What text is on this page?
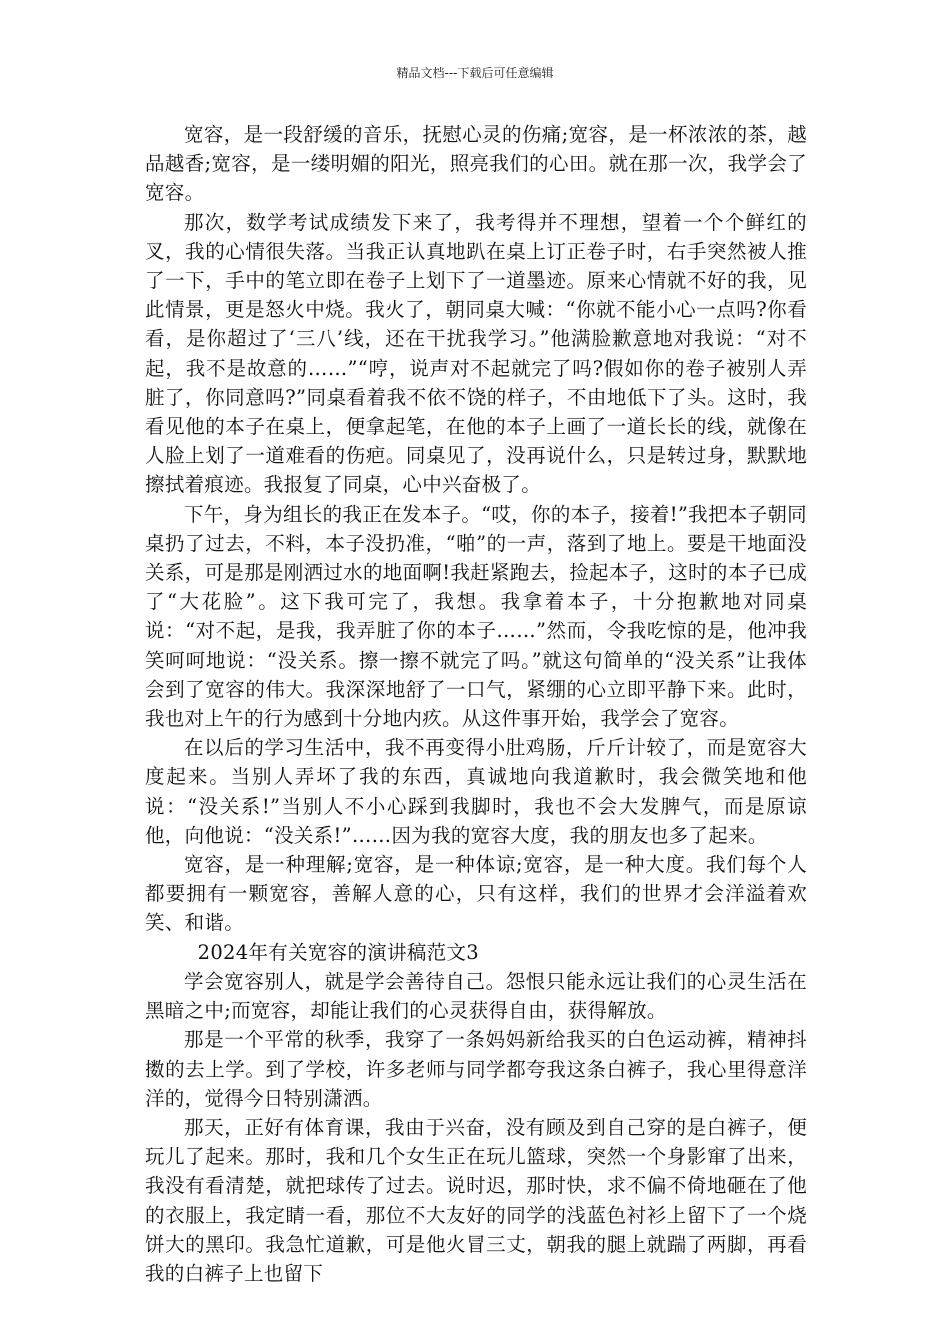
精品文档---下载后可任意编辑

宽容，是一段舒缓的音乐，抚慰心灵的伤痛;宽容，是一杯浓浓的茶，越品越香;宽容，是一缕明媚的阳光，照亮我们的心田。就在那一次，我学会了宽容。

那次，数学考试成绩发下来了，我考得并不理想，望着一个个鲜红的叉，我的心情很失落。当我正认真地趴在桌上订正卷子时，右手突然被人推了一下，手中的笔立即在卷子上划下了一道墨迹。原来心情就不好的我，见此情景，更是怒火中烧。我火了，朝同桌大喊：“你就不能小心一点吗?你看看，是你超过了‘三八’线，还在干扰我学习。”他满脸歉意地对我说：“对不起，我不是故意的……”“哼，说声对不起就完了吗?假如你的卷子被别人弄脏了，你同意吗?”同桌看着我不依不饶的样子，不由地低下了头。这时，我看见他的本子在桌上，便拿起笔，在他的本子上画了一道长长的线，就像在人脸上划了一道难看的伤疤。同桌见了，没再说什么，只是转过身，默默地擦拭着痕迹。我报复了同桌，心中兴奋极了。

下午，身为组长的我正在发本子。“哎，你的本子，接着!”我把本子朝同桌扔了过去，不料，本子没扔准，“啪”的一声，落到了地上。要是干地面没关系，可是那是刚洒过水的地面啊!我赶紧跑去，捡起本子，这时的本子已成了“大花脸”。这下我可完了，我想。我拿着本子，十分抱歉地对同桌说：“对不起，是我，我弄脏了你的本子……”然而，令我吃惊的是，他冲我笑呵呵地说：“没关系。擦一擦不就完了吗。”就这句简单的“没关系”让我体会到了宽容的伟大。我深深地舒了一口气，紧绷的心立即平静下来。此时，我也对上午的行为感到十分地内疚。从这件事开始，我学会了宽容。

在以后的学习生活中，我不再变得小肚鸡肠，斤斤计较了，而是宽容大度起来。当别人弄坏了我的东西，真诚地向我道歉时，我会微笑地和他说：“没关系!”当别人不小心踩到我脚时，我也不会大发脾气，而是原谅他，向他说：“没关系!”……因为我的宽容大度，我的朋友也多了起来。

宽容，是一种理解;宽容，是一种体谅;宽容，是一种大度。我们每个人都要拥有一颗宽容，善解人意的心，只有这样，我们的世界才会洋溢着欢笑、和谐。

2024年有关宽容的演讲稿范文3

学会宽容别人，就是学会善待自己。怨恨只能永远让我们的心灵生活在黑暗之中;而宽容，却能让我们的心灵获得自由，获得解放。

那是一个平常的秋季，我穿了一条妈妈新给我买的白色运动裤，精神抖擞的去上学。到了学校，许多老师与同学都夸我这条白裤子，我心里得意洋洋的，觉得今日特别潇洒。

那天，正好有体育课，我由于兴奋，没有顾及到自己穿的是白裤子，便玩儿了起来。那时，我和几个女生正在玩儿篮球，突然一个身影窜了出来，我没有看清楚，就把球传了过去。说时迟，那时快，求不偏不倚地砸在了他的衣服上，我定睛一看，那位不大友好的同学的浅蓝色衬衫上留下了一个烧饼大的黑印。我急忙道歉，可是他火冒三丈，朝我的腿上就踹了两脚，再看我的白裤子上也留下
